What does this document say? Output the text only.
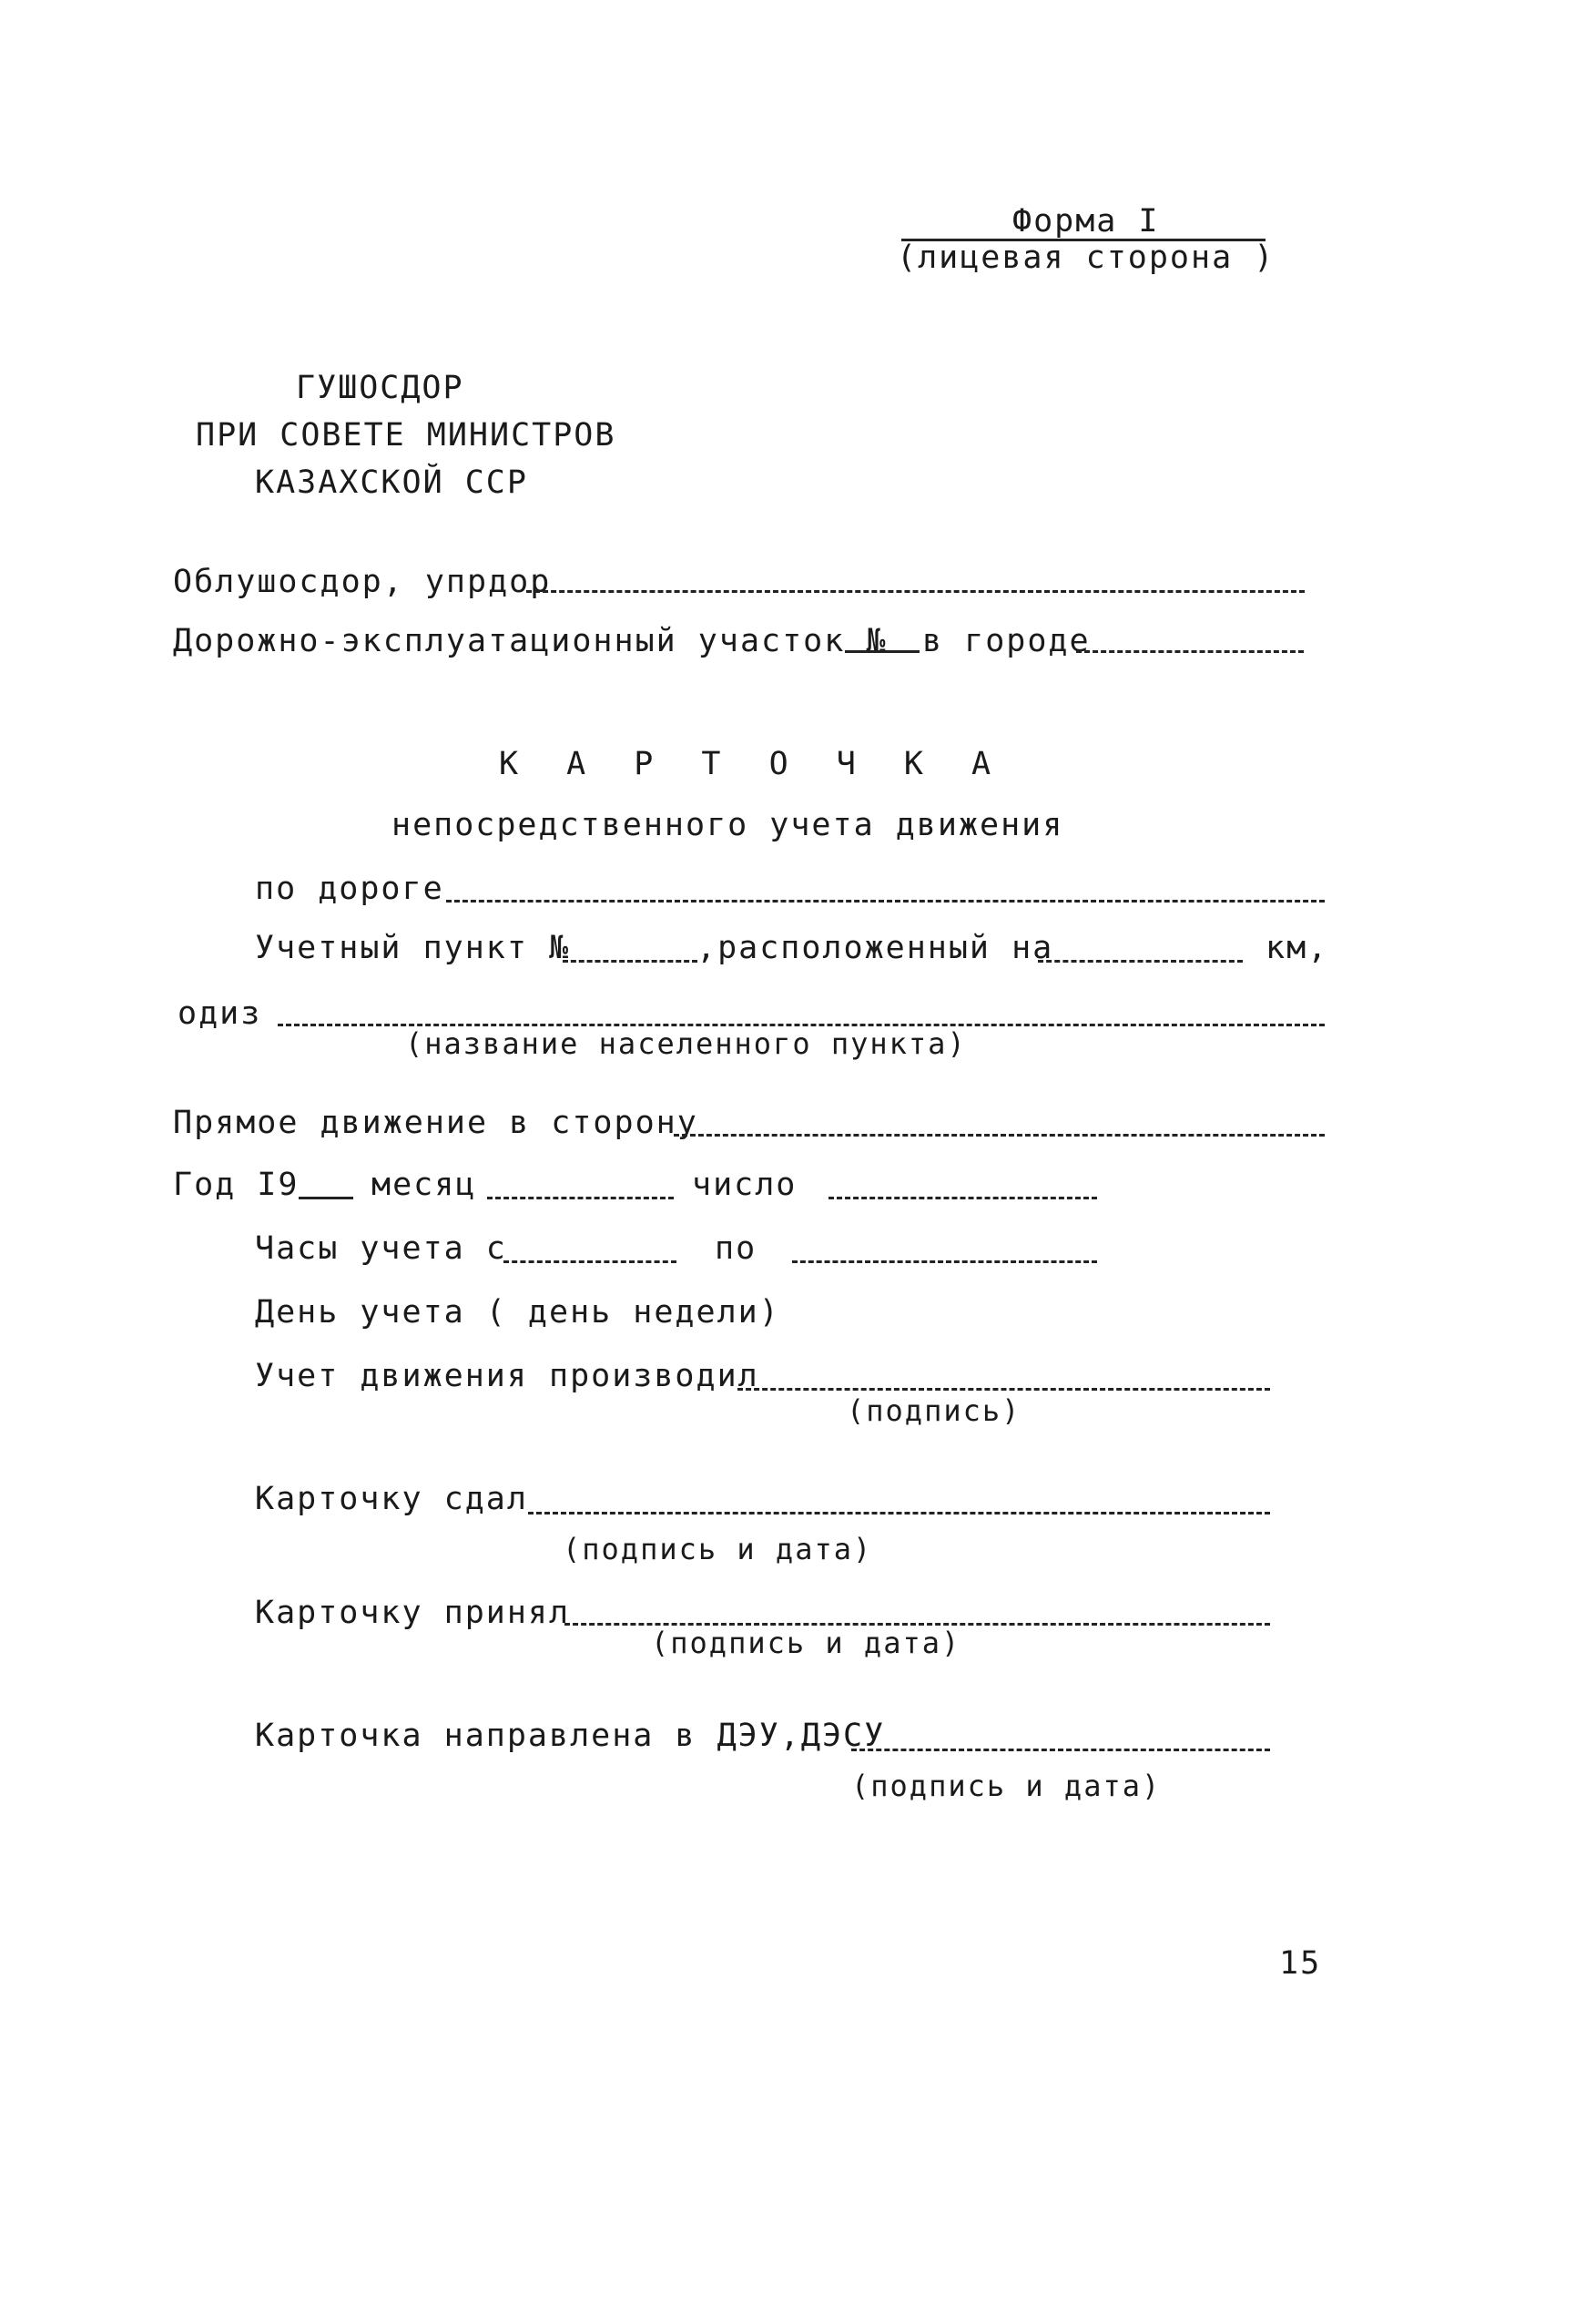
Форма I
(лицевая сторона )
ГУШОСДОР
ПРИ СОВЕТЕ МИНИСТРОВ
КАЗАХСКОЙ ССР
Облушосдор, упрдор
Дорожно-эксплуатационный участок № в городе
К А Р Т О Ч К А
непосредственного учета движения
по дороге
Учетный пункт №	,расположенный на	км,
одиз
(название населенного пункта)
Прямое движение в сторону
Год I9 месяц	число
Часы учета с	по
День учета ( день недели)
Учет движения производил
(подпись)
Карточку сдал
(подпись и дата)
Карточку принял
(подпись и дата)
Карточка направлена в ДЭУ,ДЭСУ
(подпись и дата)
15
